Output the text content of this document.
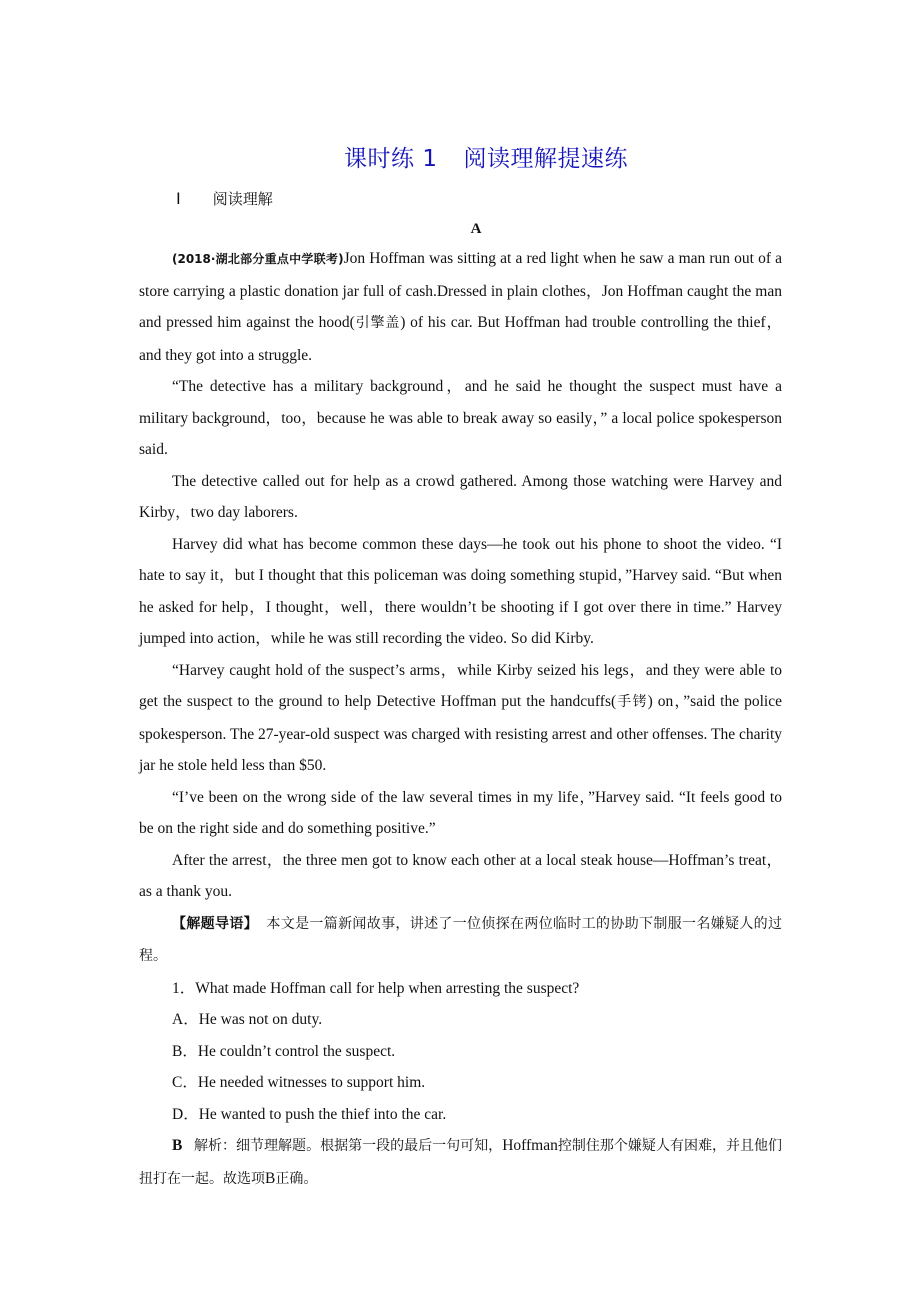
课时练 1 阅读理解提速练
Ⅰ 阅读理解
A

(2018·湖北部分重点中学联考)Jon Hoffman was sitting at a red light when he saw a man run out of a store carrying a plastic donation jar full of cash.Dressed in plain clothes，Jon Hoffman caught the man and pressed him against the hood(引擎盖) of his car. But Hoffman had trouble controlling the thief，and they got into a struggle.

“The detective has a military background，and he said he thought the suspect must have a military background，too，because he was able to break away so easily，” a local police spokesperson said.

The detective called out for help as a crowd gathered. Among those watching were Harvey and Kirby，two day laborers.

Harvey did what has become common these days—he took out his phone to shoot the video. “I hate to say it，but I thought that this policeman was doing something stupid，”Harvey said. “But when he asked for help，I thought，well，there wouldn’t be shooting if I got over there in time.” Harvey jumped into action，while he was still recording the video. So did Kirby.

“Harvey caught hold of the suspect’s arms，while Kirby seized his legs，and they were able to get the suspect to the ground to help Detective Hoffman put the handcuffs(手铐) on，”said the police spokesperson. The 27-year-old suspect was charged with resisting arrest and other offenses. The charity jar he stole held less than $50.

“I’ve been on the wrong side of the law several times in my life，”Harvey said. “It feels good to be on the right side and do something positive.”

After the arrest，the three men got to know each other at a local steak house—Hoffman’s treat，as a thank you.

【解题导语】 本文是一篇新闻故事，讲述了一位侦探在两位临时工的协助下制服一名嫌疑人的过程。

1．What made Hoffman call for help when arresting the suspect?

A．He was not on duty.

B．He couldn’t control the suspect.

C．He needed witnesses to support him.

D．He wanted to push the thief into the car.

B 解析：细节理解题。根据第一段的最后一句可知，Hoffman控制住那个嫌疑人有困难，并且他们扭打在一起。故选项B正确。
